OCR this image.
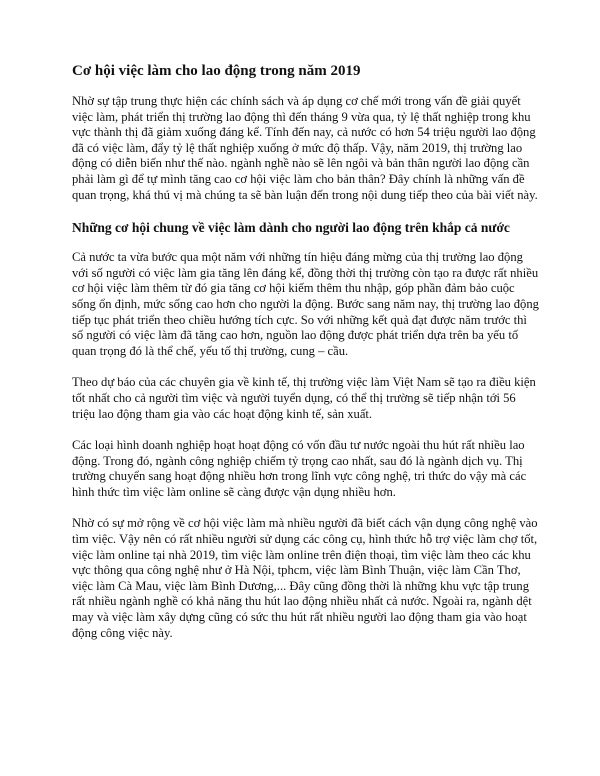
Cơ hội việc làm cho lao động trong năm 2019

Nhờ sự tập trung thực hiện các chính sách và áp dụng cơ chế mới trong vấn đề giải quyết việc làm, phát triển thị trường lao động thì đến tháng 9 vừa qua, tỷ lệ thất nghiệp trong khu vực thành thị đã giảm xuống đáng kể. Tính đến nay, cả nước có hơn 54 triệu người lao động đã có việc làm, đẩy tỷ lệ thất nghiệp xuống ở mức độ thấp. Vậy, năm 2019, thị trường lao động có diễn biến như thế nào. ngành nghề nào sẽ lên ngôi và bản thân người lao động cần phải làm gì để tự mình tăng cao cơ hội việc làm cho bản thân? Đây chính là những vấn đề quan trọng, khá thú vị mà chúng ta sẽ bàn luận đến trong nội dung tiếp theo của bài viết này.

Những cơ hội chung về việc làm dành cho người lao động trên khắp cả nước

Cả nước ta vừa bước qua một năm với những tín hiệu đáng mừng của thị trường lao động với số người có việc làm gia tăng lên đáng kể, đồng thời thị trường còn tạo ra được rất nhiều cơ hội việc làm thêm từ đó gia tăng cơ hội kiếm thêm thu nhập, góp phần đảm bảo cuộc sống ổn định, mức sống cao hơn cho người la động. Bước sang năm nay, thị trường lao động tiếp tục phát triển theo chiều hướng tích cực. So với những kết quả đạt được năm trước thì số người có việc làm đã tăng cao hơn, nguồn lao động được phát triển dựa trên ba yếu tố quan trọng đó là thể chế, yếu tố thị trường, cung – cầu.

Theo dự báo của các chuyên gia về kinh tế, thị trường việc làm Việt Nam sẽ tạo ra điều kiện tốt nhất cho cả người tìm việc và người tuyển dụng, có thể thị trường sẽ tiếp nhận tới 56 triệu lao động tham gia vào các hoạt động kinh tế, sản xuất.

Các loại hình doanh nghiệp hoạt hoạt động có vốn đầu tư nước ngoài thu hút rất nhiều lao động. Trong đó, ngành công nghiệp chiếm tỷ trọng cao nhất, sau đó là ngành dịch vụ. Thị trường chuyển sang hoạt động nhiều hơn trong lĩnh vực công nghệ, tri thức do vậy mà các hình thức tìm việc làm online sẽ càng được vận dụng nhiều hơn.

Nhờ có sự mở rộng về cơ hội việc làm mà nhiều người đã biết cách vận dụng công nghệ vào tìm việc. Vậy nên có rất nhiều người sử dụng các công cụ, hình thức hỗ trợ việc làm chợ tốt, việc làm online tại nhà 2019, tìm việc làm online trên điện thoại, tìm việc làm theo các khu vực thông qua công nghệ như ở Hà Nội, tphcm, việc làm Bình Thuận, việc làm Cần Thơ, việc làm Cà Mau, việc làm Bình Dương,... Đây cũng đồng thời là những khu vực tập trung rất nhiều ngành nghề có khả năng thu hút lao động nhiều nhất cả nước. Ngoài ra, ngành dệt may và việc làm xây dựng cũng có sức thu hút rất nhiều người lao động tham gia vào hoạt động công việc này.
